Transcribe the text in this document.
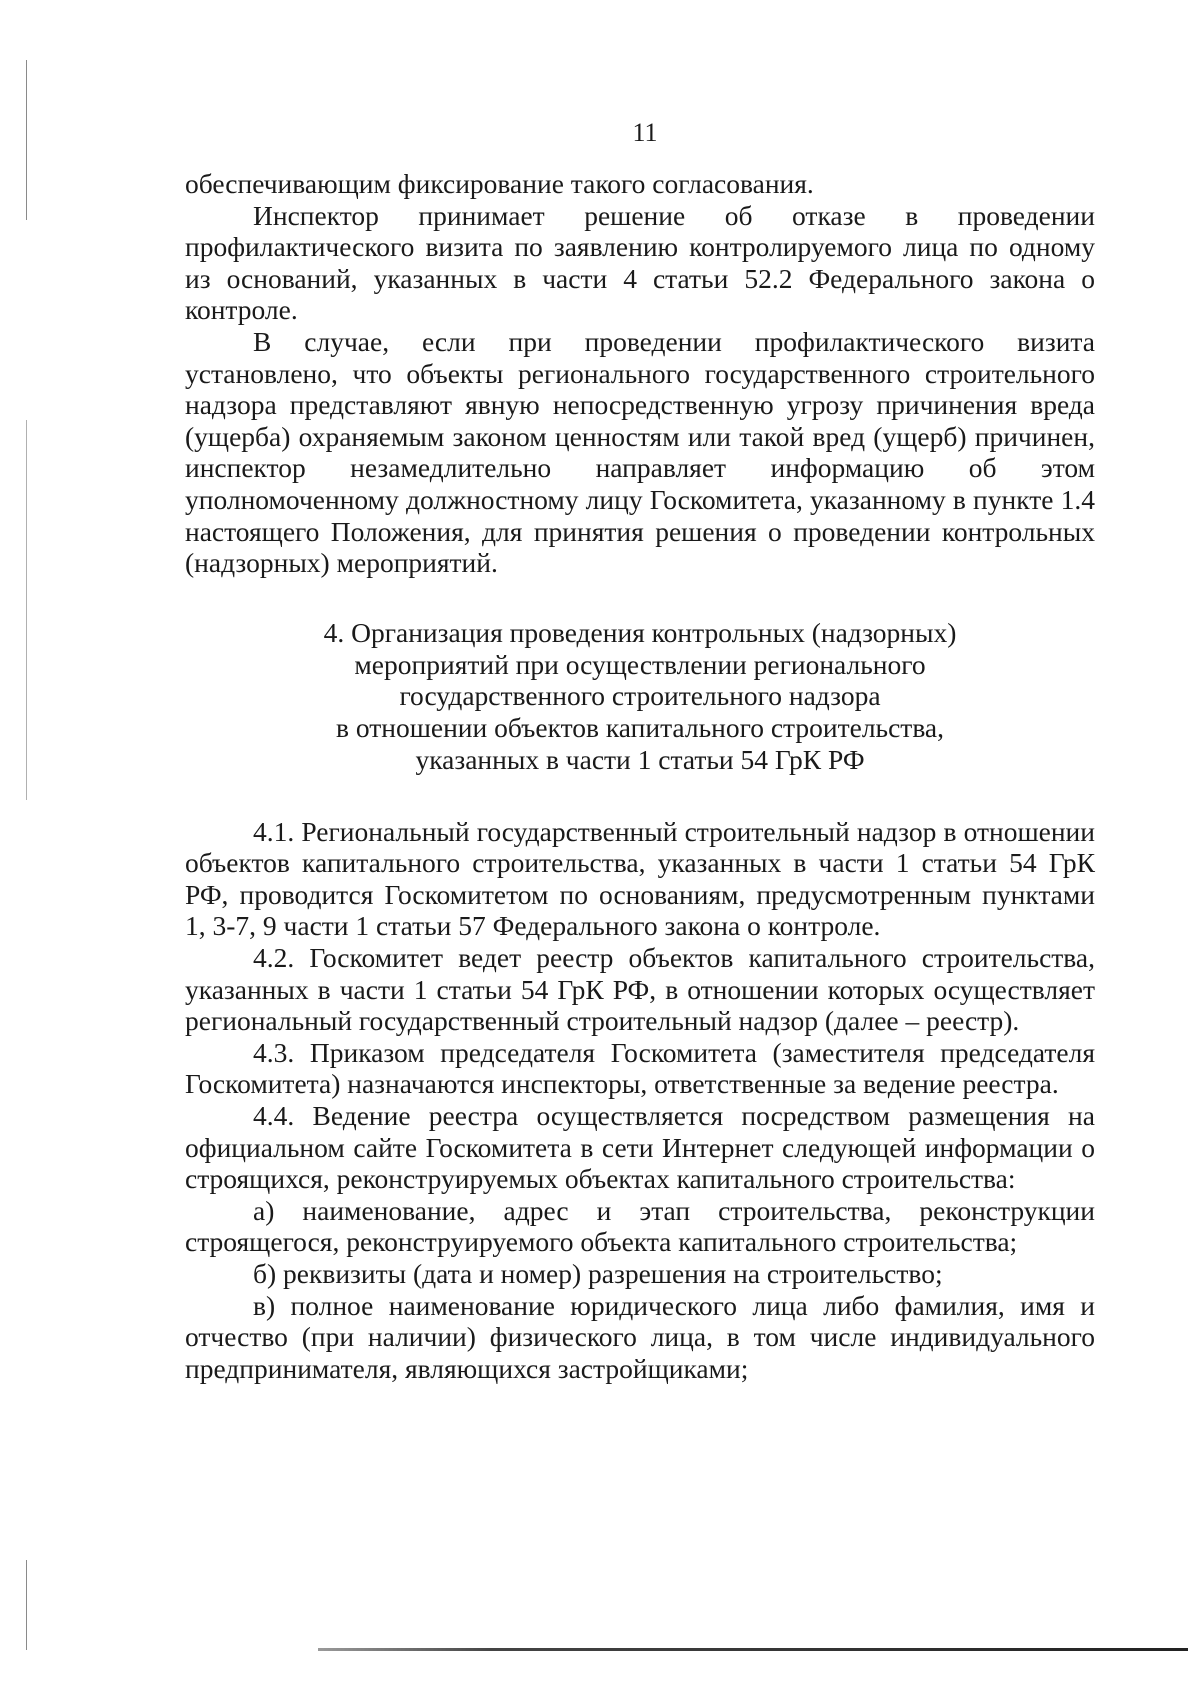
11

обеспечивающим фиксирование такого согласования.

Инспектор принимает решение об отказе в проведении профилактического визита по заявлению контролируемого лица по одному из оснований, указанных в части 4 статьи 52.2 Федерального закона о контроле.

В случае, если при проведении профилактического визита установлено, что объекты регионального государственного строительного надзора представляют явную непосредственную угрозу причинения вреда (ущерба) охраняемым законом ценностям или такой вред (ущерб) причинен, инспектор незамедлительно направляет информацию об этом уполномоченному должностному лицу Госкомитета, указанному в пункте 1.4 настоящего Положения, для принятия решения о проведении контрольных (надзорных) мероприятий.

4. Организация проведения контрольных (надзорных)
мероприятий при осуществлении регионального
государственного строительного надзора
в отношении объектов капитального строительства,
указанных в части 1 статьи 54 ГрК РФ

4.1. Региональный государственный строительный надзор в отношении объектов капитального строительства, указанных в части 1 статьи 54 ГрК РФ, проводится Госкомитетом по основаниям, предусмотренным пунктами 1, 3-7, 9 части 1 статьи 57 Федерального закона о контроле.

4.2. Госкомитет ведет реестр объектов капитального строительства, указанных в части 1 статьи 54 ГрК РФ, в отношении которых осуществляет региональный государственный строительный надзор (далее – реестр).

4.3. Приказом председателя Госкомитета (заместителя председателя Госкомитета) назначаются инспекторы, ответственные за ведение реестра.

4.4. Ведение реестра осуществляется посредством размещения на официальном сайте Госкомитета в сети Интернет следующей информации о строящихся, реконструируемых объектах капитального строительства:

а) наименование, адрес и этап строительства, реконструкции строящегося, реконструируемого объекта капитального строительства;

б) реквизиты (дата и номер) разрешения на строительство;

в) полное наименование юридического лица либо фамилия, имя и отчество (при наличии) физического лица, в том числе индивидуального предпринимателя, являющихся застройщиками;
